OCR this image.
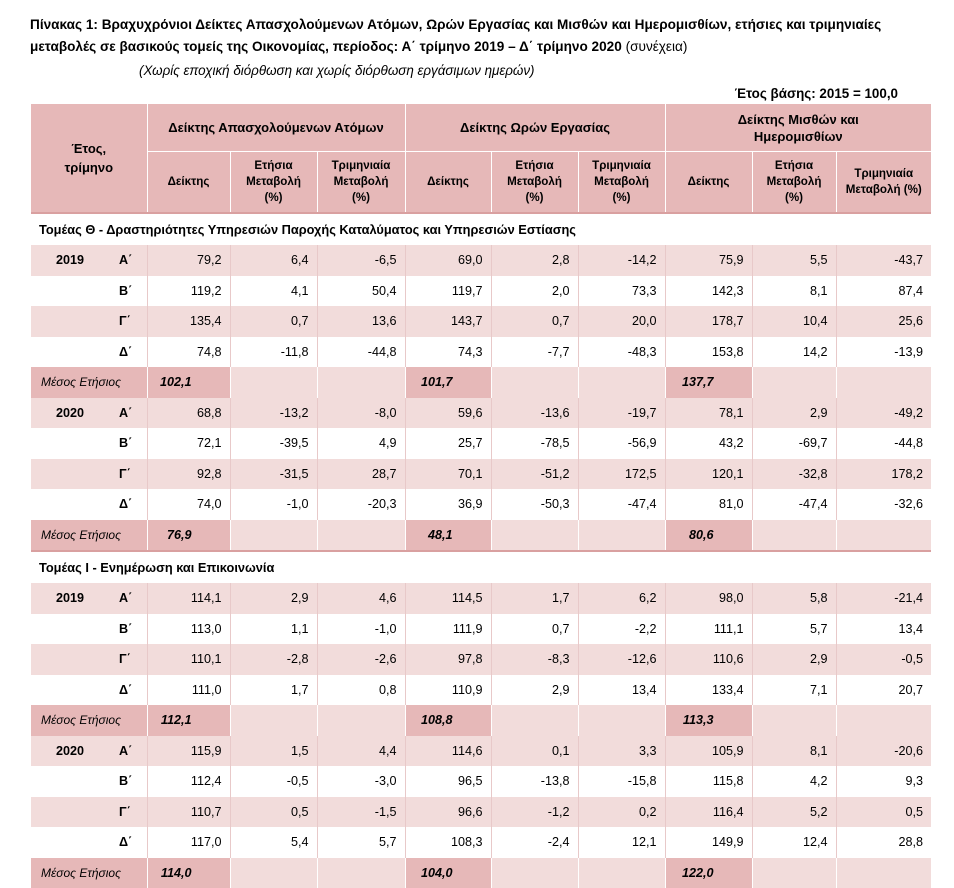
Πίνακας 1: Βραχυχρόνιοι Δείκτες Απασχολούμενων Ατόμων, Ωρών Εργασίας και Μισθών και Ημερομισθίων, ετήσιες και τριμηνιαίες μεταβολές σε βασικούς τομείς της Οικονομίας, περίοδος: Α΄ τρίμηνο 2019 – Δ΄ τρίμηνο 2020 (συνέχεια)
(Χωρίς εποχική διόρθωση και χωρίς διόρθωση εργάσιμων ημερών)
Έτος βάσης: 2015 = 100,0
Έτος,
τρίμηνο		Δείκτης Απασχολούμενων Ατόμων			Δείκτης Ωρών Εργασίας			Δείκτης Μισθών και Ημερομισθίων		

		Δείκτης	Ετήσια Μεταβολή (%)	Τριμηνιαία Μεταβολή (%)	Δείκτης	Ετήσια Μεταβολή (%)	Τριμηνιαία Μεταβολή (%)	Δείκτης	Ετήσια Μεταβολή (%)	Τριμηνιαία Μεταβολή (%)

Τομέας Θ - Δραστηριότητες Υπηρεσιών Παροχής Καταλύματος και Υπηρεσιών Εστίασης										
2019	Α΄	79,2	6,4	-6,5	69,0	2,8	-14,2	75,9	5,5	-43,7
	Β΄	119,2	4,1	50,4	119,7	2,0	73,3	142,3	8,1	87,4
	Γ΄	135,4	0,7	13,6	143,7	0,7	20,0	178,7	10,4	25,6
	Δ΄	74,8	-11,8	-44,8	74,3	-7,7	-48,3	153,8	14,2	-13,9
Μέσος Ετήσιος		102,1			101,7			137,7		
2020	Α΄	68,8	-13,2	-8,0	59,6	-13,6	-19,7	78,1	2,9	-49,2
	Β΄	72,1	-39,5	4,9	25,7	-78,5	-56,9	43,2	-69,7	-44,8
	Γ΄	92,8	-31,5	28,7	70,1	-51,2	172,5	120,1	-32,8	178,2
	Δ΄	74,0	-1,0	-20,3	36,9	-50,3	-47,4	81,0	-47,4	-32,6
Μέσος Ετήσιος		76,9			48,1			80,6		
Τομέας Ι - Ενημέρωση και Επικοινωνία										
2019	Α΄	114,1	2,9	4,6	114,5	1,7	6,2	98,0	5,8	-21,4
	Β΄	113,0	1,1	-1,0	111,9	0,7	-2,2	111,1	5,7	13,4
	Γ΄	110,1	-2,8	-2,6	97,8	-8,3	-12,6	110,6	2,9	-0,5
	Δ΄	111,0	1,7	0,8	110,9	2,9	13,4	133,4	7,1	20,7
Μέσος Ετήσιος		112,1			108,8			113,3		
2020	Α΄	115,9	1,5	4,4	114,6	0,1	3,3	105,9	8,1	-20,6
	Β΄	112,4	-0,5	-3,0	96,5	-13,8	-15,8	115,8	4,2	9,3
	Γ΄	110,7	0,5	-1,5	96,6	-1,2	0,2	116,4	5,2	0,5
	Δ΄	117,0	5,4	5,7	108,3	-2,4	12,1	149,9	12,4	28,8
Μέσος Ετήσιος		114,0			104,0			122,0		
